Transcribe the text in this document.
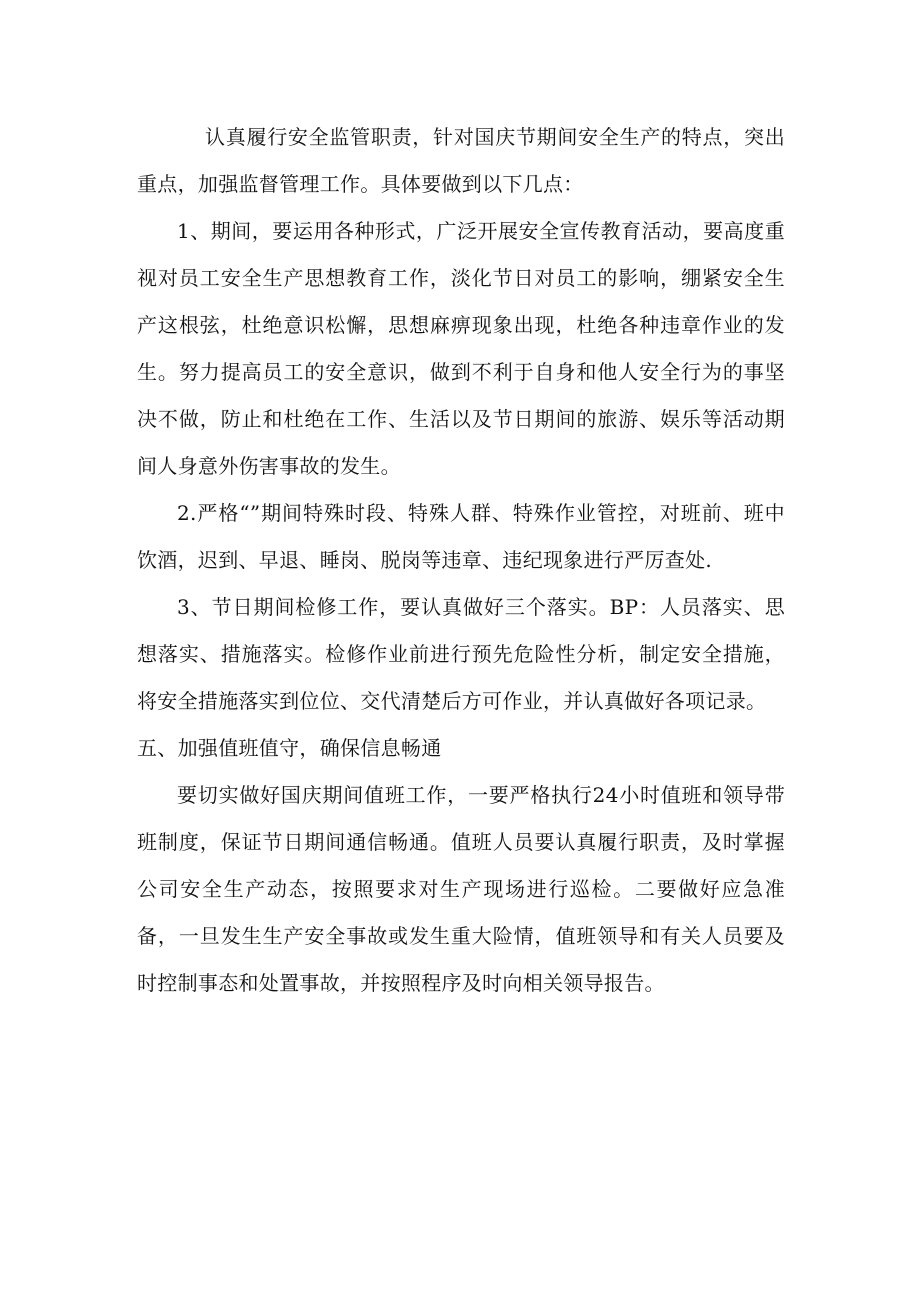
认真履行安全监管职责，针对国庆节期间安全生产的特点，突出重点，加强监督管理工作。具体要做到以下几点：

1、期间，要运用各种形式，广泛开展安全宣传教育活动，要高度重视对员工安全生产思想教育工作，淡化节日对员工的影响，绷紧安全生产这根弦，杜绝意识松懈，思想麻痹现象出现，杜绝各种违章作业的发生。努力提高员工的安全意识，做到不利于自身和他人安全行为的事坚决不做，防止和杜绝在工作、生活以及节日期间的旅游、娱乐等活动期间人身意外伤害事故的发生。

2.严格“”期间特殊时段、特殊人群、特殊作业管控，对班前、班中饮酒，迟到、早退、睡岗、脱岗等违章、违纪现象进行严厉查处.

3、节日期间检修工作，要认真做好三个落实。BP：人员落实、思想落实、措施落实。检修作业前进行预先危险性分析，制定安全措施，将安全措施落实到位位、交代清楚后方可作业，并认真做好各项记录。

五、加强值班值守，确保信息畅通

要切实做好国庆期间值班工作，一要严格执行24小时值班和领导带班制度，保证节日期间通信畅通。值班人员要认真履行职责，及时掌握公司安全生产动态，按照要求对生产现场进行巡检。二要做好应急准备，一旦发生生产安全事故或发生重大险情，值班领导和有关人员要及时控制事态和处置事故，并按照程序及时向相关领导报告。
